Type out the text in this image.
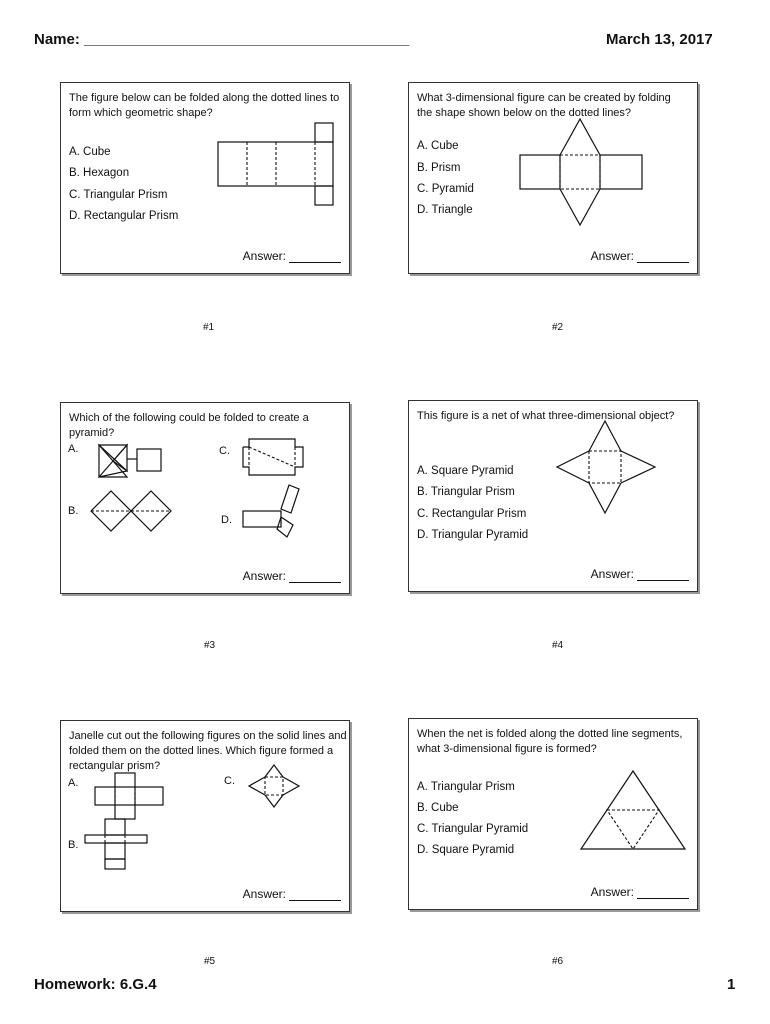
Name: _______________________________________	March 13, 2017
The figure below can be folded along the dotted lines to form which geometric shape?
A. Cube
B. Hexagon
C. Triangular Prism
D. Rectangular Prism
Answer:
#1
What 3-dimensional figure can be created by folding the shape shown below on the dotted lines?
A. Cube
B. Prism
C. Pyramid
D. Triangle
Answer:
#2
Which of the following could be folded to create a pyramid?
A.
B.
C.
D.
Answer:
#3
This figure is a net of what three-dimensional object?
A. Square Pyramid
B. Triangular Prism
C. Rectangular Prism
D. Triangular Pyramid
Answer:
#4
Janelle cut out the following figures on the solid lines and folded them on the dotted lines. Which figure formed a rectangular prism?
A.
B.
C.
Answer:
#5
When the net is folded along the dotted line segments, what 3-dimensional figure is formed?
A. Triangular Prism
B. Cube
C. Triangular Pyramid
D. Square Pyramid
Answer:
#6
Homework: 6.G.4	1
